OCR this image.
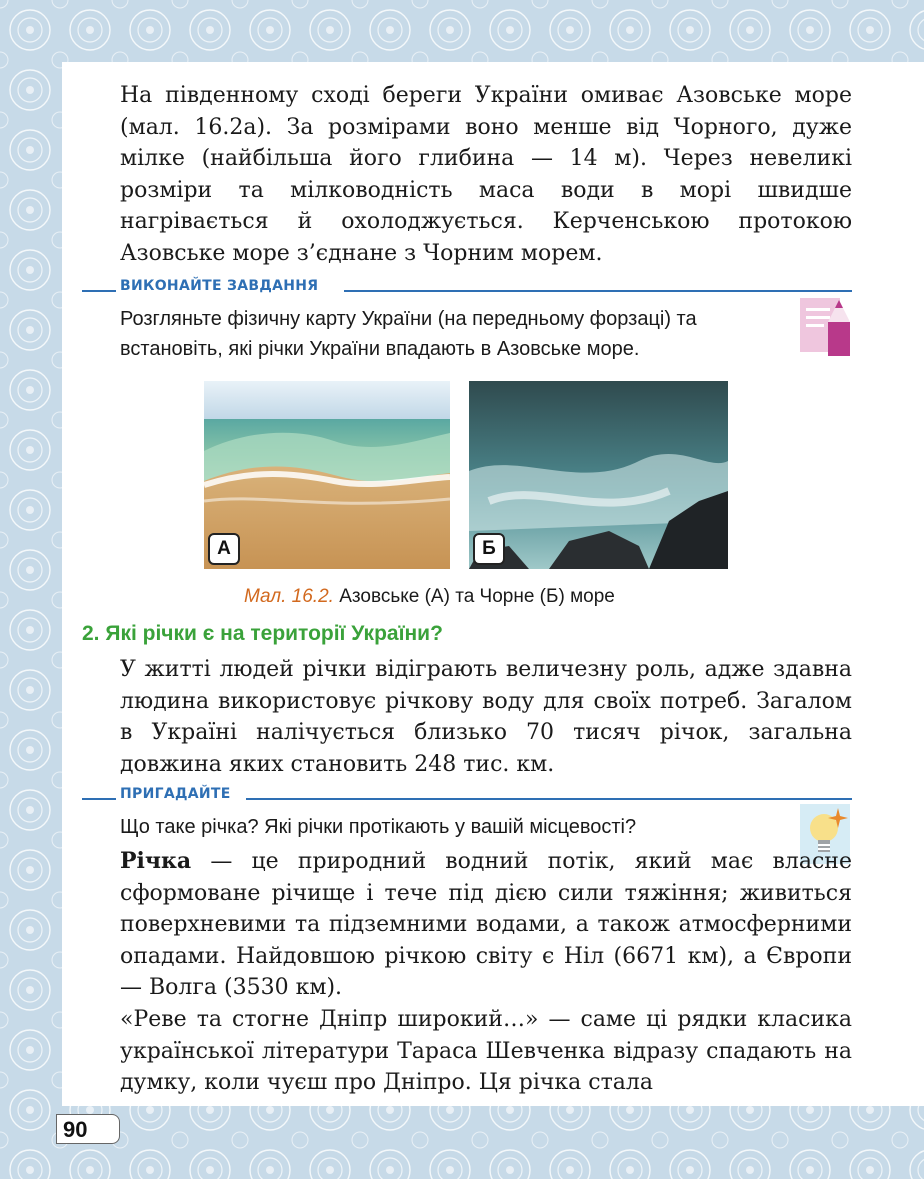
На південному сході береги України омиває Азовське море (мал. 16.2а). За розмірами воно менше від Чорного, дуже мілке (найбільша його глибина — 14 м). Через невеликі розміри та мілководність маса води в морі швидше нагрівається й охолоджується. Керченською протокою Азовське море з’єднане з Чорним морем.

ВИКОНАЙТЕ ЗАВДАННЯ
Розгляньте фізичну карту України (на передньому форзаці) та
встановіть, які річки України впадають в Азовське море.
А	Б
Мал. 16.2. Азовське (А) та Чорне (Б) море
2. Які річки є на території України?

У житті людей річки відіграють величезну роль, адже здавна людина використовує річкову воду для своїх потреб. Загалом в Україні налічується близько 70 тисяч річок, загальна довжина яких становить 248 тис. км.

ПРИГАДАЙТЕ
Що таке річка? Які річки протікають у вашій місцевості?

Річка — це природний водний потік, який має власне сформоване річище і тече під дією сили тяжіння; живиться поверхневими та підземними водами, а також атмосферними опадами. Найдовшою річкою світу є Ніл (6671 км), а Європи — Волга (3530 км).

«Реве та стогне Дніпр широкий…» — саме ці рядки класика української літератури Тараса Шевченка відразу спадають на думку, коли чуєш про Дніпро. Ця річка стала

90
